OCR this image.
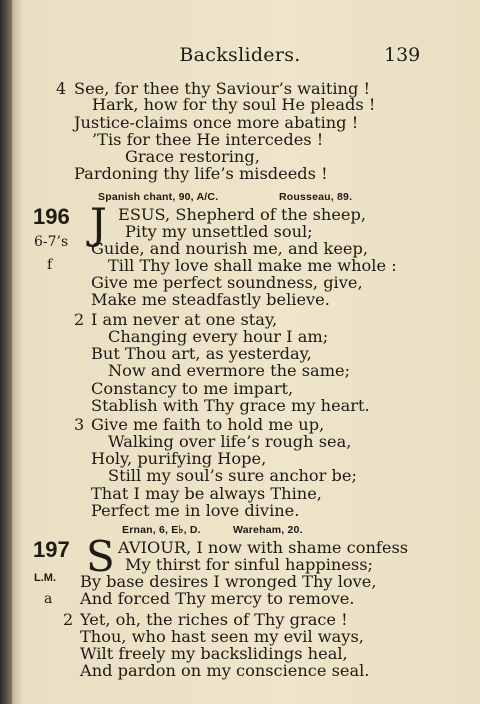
Backsliders.	139
4 See, for thee thy Saviour’s waiting !
Hark, how for thy soul He pleads !
Justice-claims once more abating !
’Tis for thee He intercedes !
Grace restoring,
Pardoning thy life’s misdeeds !
Spanish chant, 90, A/C.	Rousseau, 89.
196
6-7’s
f
J ESUS, Shepherd of the sheep,
Pity my unsettled soul;
Guide, and nourish me, and keep,
Till Thy love shall make me whole :
Give me perfect soundness, give,
Make me steadfastly believe.
2 I am never at one stay,
Changing every hour I am;
But Thou art, as yesterday,
Now and evermore the same;
Constancy to me impart,
Stablish with Thy grace my heart.
3 Give me faith to hold me up,
Walking over life’s rough sea,
Holy, purifying Hope,
Still my soul’s sure anchor be;
That I may be always Thine,
Perfect me in love divine.
Ernan, 6, E♭, D.	Wareham, 20.
197
L.M.
a
S AVIOUR, I now with shame confess
My thirst for sinful happiness;
By base desires I wronged Thy love,
And forced Thy mercy to remove.
2 Yet, oh, the riches of Thy grace !
Thou, who hast seen my evil ways,
Wilt freely my backslidings heal,
And pardon on my conscience seal.
